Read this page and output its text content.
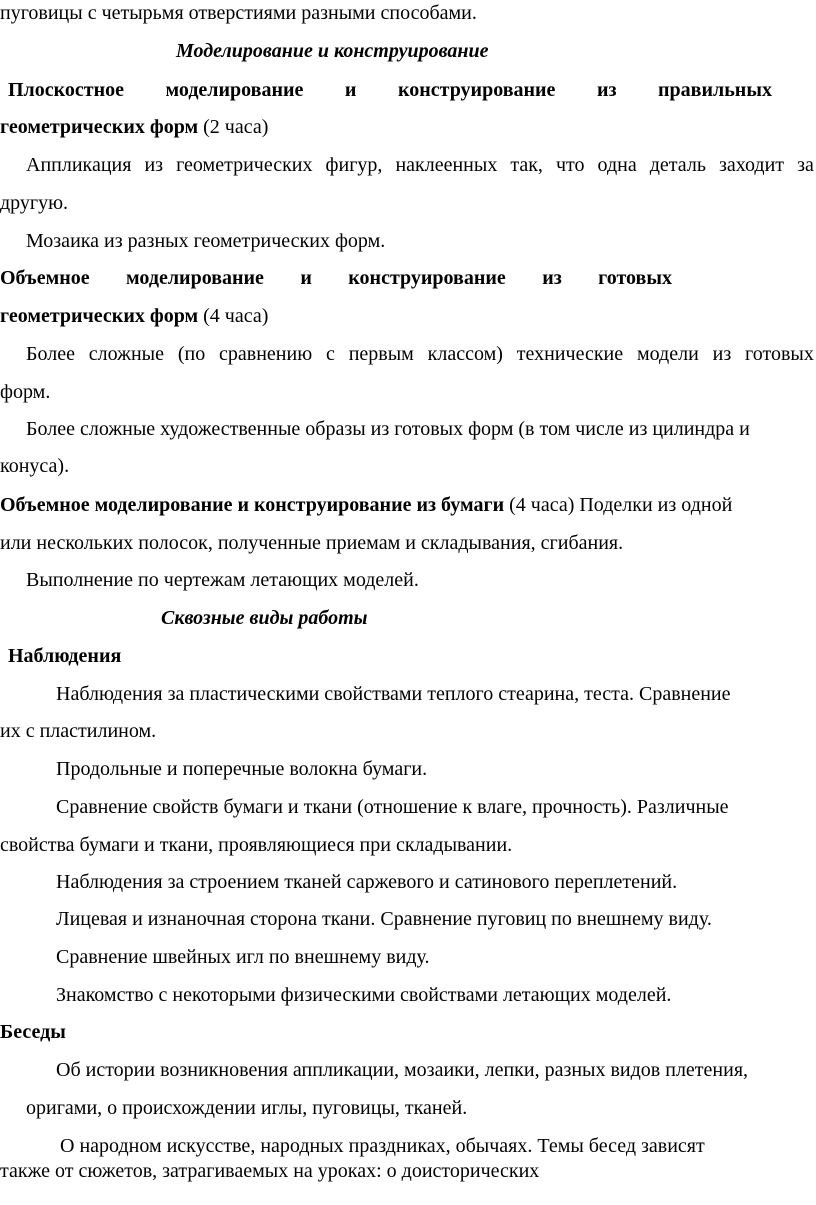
пуговицы с четырьмя отверстиями разными способами.
Моделирование и конструирование
Плоскостное моделирование и конструирование из правильных
геометрических форм (2 часа)
Аппликация из геометрических фигур, наклеенных так, что одна деталь заходит за
другую.
Мозаика из разных геометрических форм.
Объемное моделирование и конструирование из готовых
геометрических форм (4 часа)
Более сложные (по сравнению с первым классом) технические модели из готовых
форм.
Более сложные художественные образы из готовых форм (в том числе из цилиндра и
конуса).
Объемное моделирование и конструирование из бумаги (4 часа) Поделки из одной
или нескольких полосок, полученные приемам и складывания, сгибания.
Выполнение по чертежам летающих моделей.
Сквозные виды работы
Наблюдения
Наблюдения за пластическими свойствами теплого стеарина, теста. Сравнение
их с пластилином.
Продольные и поперечные волокна бумаги.
Сравнение свойств бумаги и ткани (отношение к влаге, прочность). Различные
свойства бумаги и ткани, проявляющиеся при складывании.
Наблюдения за строением тканей саржевого и сатинового переплетений.
Лицевая и изнаночная сторона ткани. Сравнение пуговиц по внешнему виду.
Сравнение швейных игл по внешнему виду.
Знакомство с некоторыми физическими свойствами летающих моделей.
Беседы
Об истории возникновения аппликации, мозаики, лепки, разных видов плетения,
оригами, о происхождении иглы, пуговицы, тканей.
О народном искусстве, народных праздниках, обычаях. Темы бесед зависят
также от сюжетов, затрагиваемых на уроках: о доисторических
